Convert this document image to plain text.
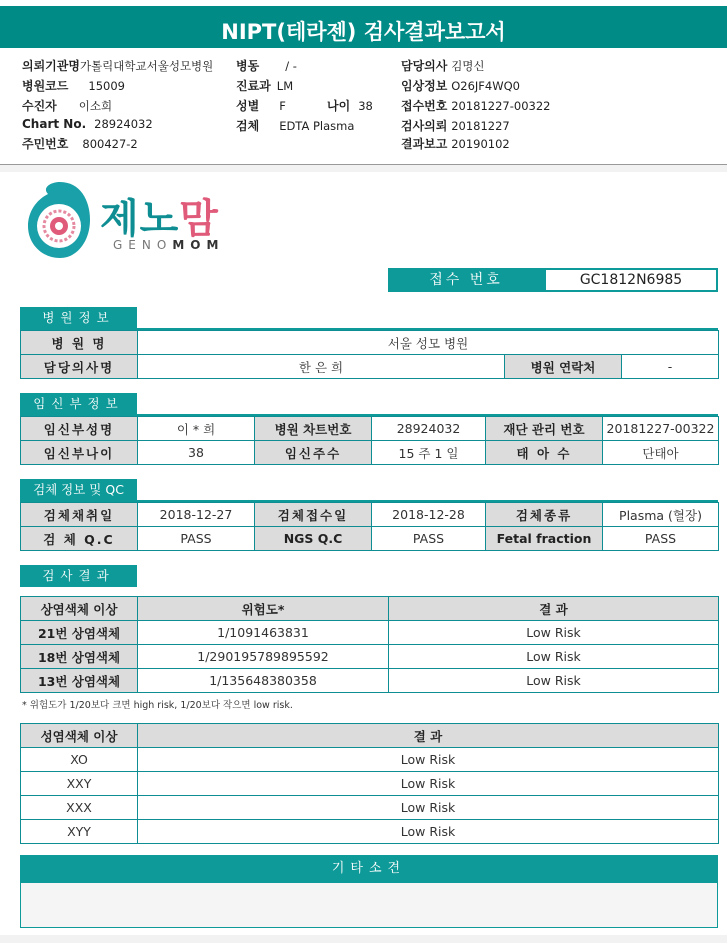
NIPT(테라젠) 검사결과보고서
의뢰기관명가톨릭대학교서울성모병원 병동 / -	담당의사 김명신
병원코드 15009	진료과 LM	임상정보 O26JF4WQ0
수진자 이소희	성별 F	나이 38 접수번호 20181227-00322
Chart No. 28924032	검체 EDTA Plasma	검사의뢰 20181227
주민번호 800427-2	결과보고 20190102
제노맘
GENOMOM
접수 번호	GC1812N6985
병원정보
병 원 명	서울 성모 병원		
담당의사명	한 은 희	병원 연락처	-
임신부정보
임신부성명	이 * 희	병원 차트번호	28924032	재단 관리 번호	20181227-00322
임신부나이	38	임신주수	15 주 1 일	태 아 수	단태아
검체 정보 및 QC
검체채취일	2018-12-27	검체접수일	2018-12-28	검체종류	Plasma (혈장)
검 체 Q.C	PASS	NGS Q.C	PASS	Fetal fraction	PASS
검사결과
상염색체 이상	위험도*	결 과
21번 상염색체	1/1091463831	Low Risk
18번 상염색체	1/290195789895592	Low Risk
13번 상염색체	1/135648380358	Low Risk
* 위험도가 1/20보다 크면 high risk, 1/20보다 작으면 low risk.
성염색체 이상	결 과
XO	Low Risk
XXY	Low Risk
XXX	Low Risk
XYY	Low Risk
기타소견
